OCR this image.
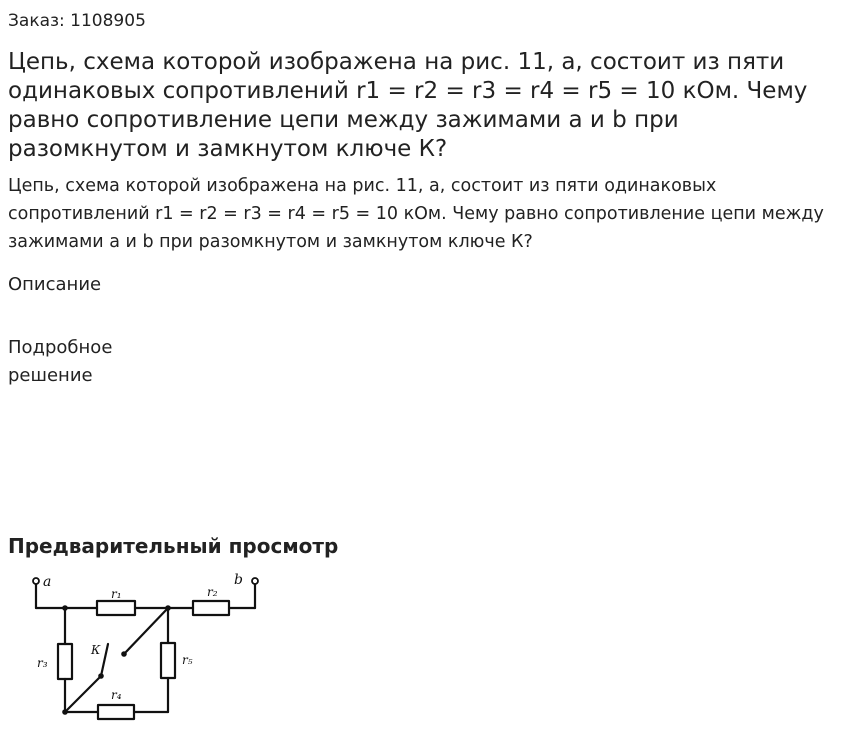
Заказ: 1108905
Цепь, схема которой изображена на рис. 11, а, состоит из пяти одинаковых сопротивлений r1 = r2 = r3 = r4 = r5 = 10 кОм. Чему равно сопротивление цепи между зажимами a и b при разомкнутом и замкнутом ключе К?

Цепь, схема которой изображена на рис. 11, а, состоит из пяти одинаковых сопротивлений r1 = r2 = r3 = r4 = r5 = 10 кОм. Чему равно сопротивление цепи между зажимами a и b при разомкнутом и замкнутом ключе К?

Описание
Подробное решение
Предварительный просмотр
a	b
r₁	r₂
r₃
r₄
r₅
К
